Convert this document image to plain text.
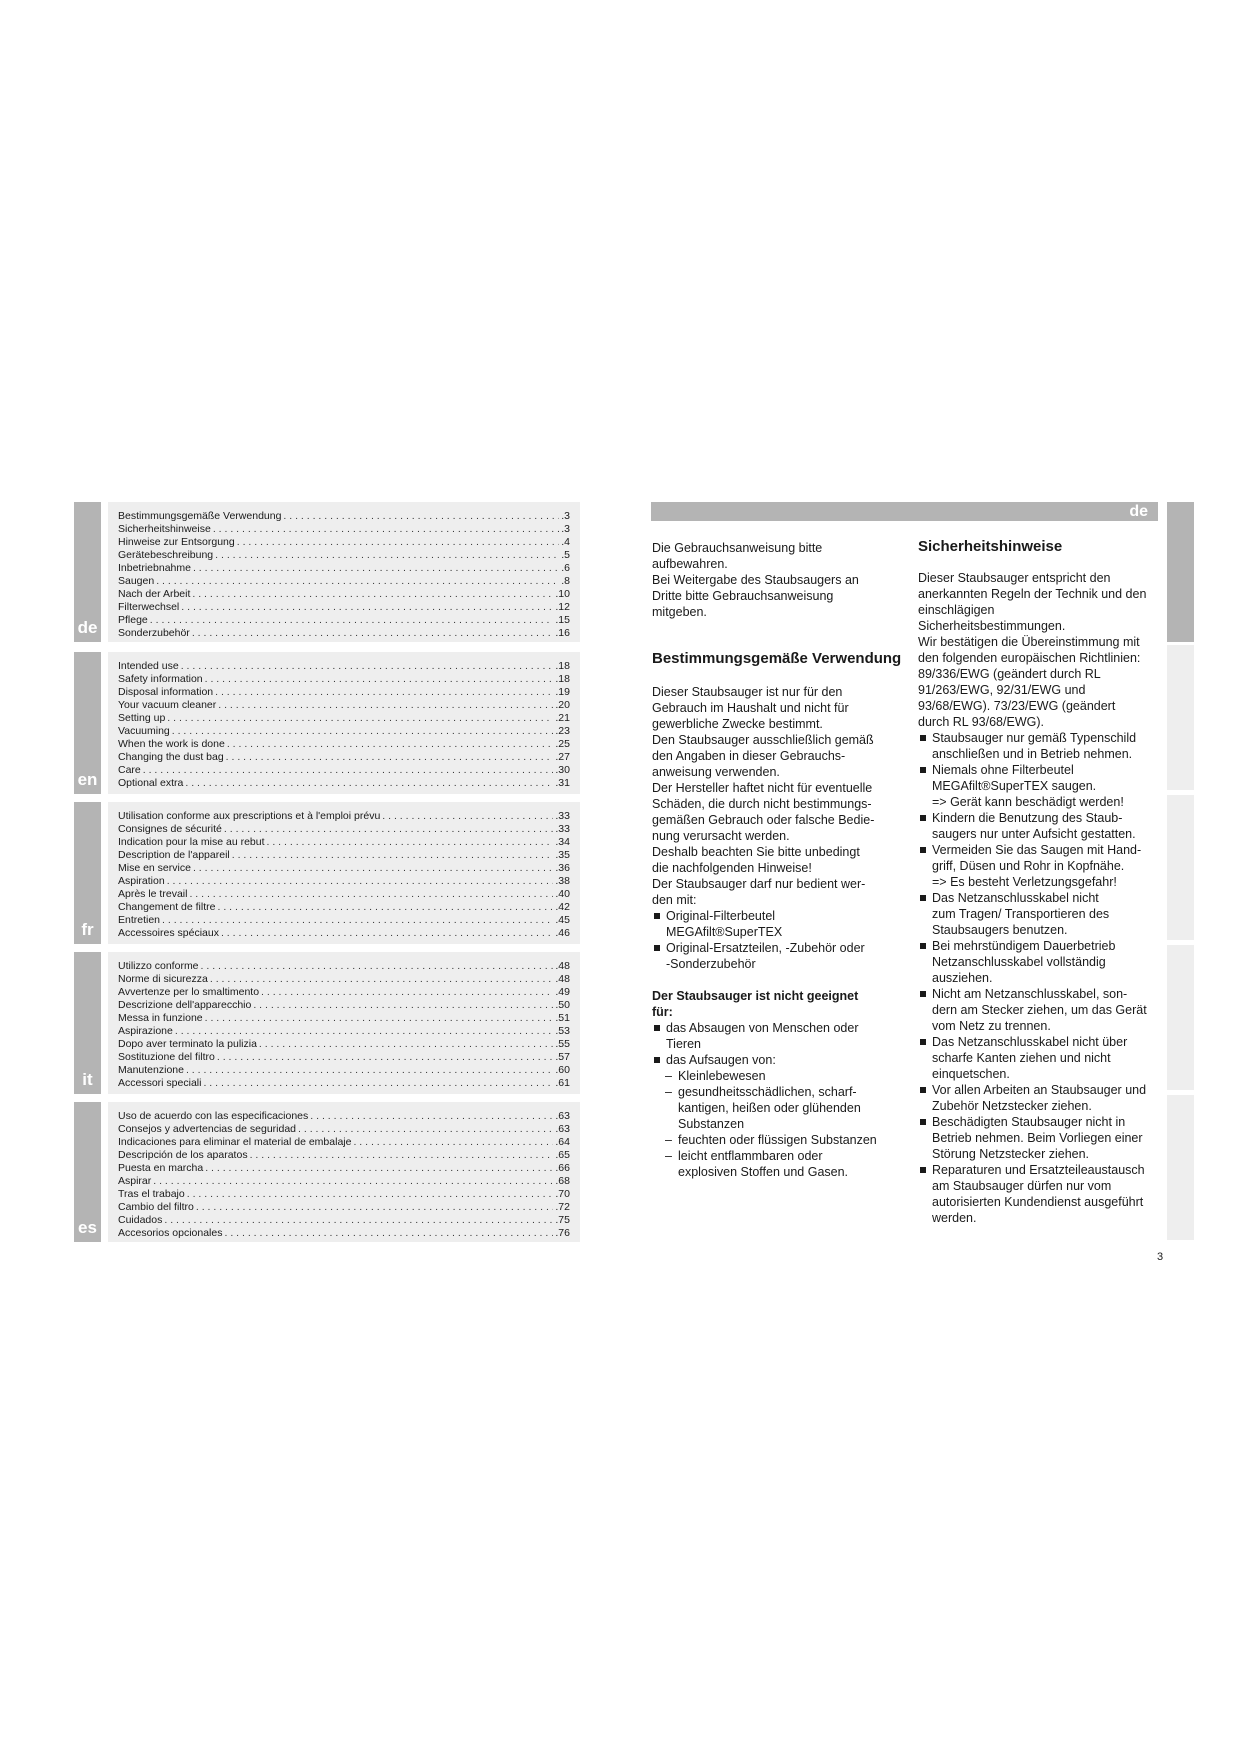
de
Bestimmungsgemäße Verwendung . . .	.3
Sicherheitshinweise . . .	.3
Hinweise zur Entsorgung . . .	.4
Gerätebeschreibung . . .	.5
Inbetriebnahme . . .	.6
Saugen . . .	.8
Nach der Arbeit . . .	.10
Filterwechsel . . .	.12
Pflege . . .	.15
Sonderzubehör . . .	.16
en
Intended use . . .	.18
Safety information . . .	.18
Disposal information . . .	.19
Your vacuum cleaner . . .	.20
Setting up . . .	.21
Vacuuming . . .	.23
When the work is done . . .	.25
Changing the dust bag . . .	.27
Care . . .	.30
Optional extra . . .	.31
fr
Utilisation conforme aux prescriptions et à l'emploi prévu . . .	.33
Consignes de sécurité . . .	.33
Indication pour la mise au rebut . . .	.34
Description de l'appareil . . .	.35
Mise en service . . .	.36
Aspiration . . .	.38
Après le trevail . . .	.40
Changement de filtre . . .	.42
Entretien . . .	.45
Accessoires spéciaux . . .	.46
it
Utilizzo conforme . . .	.48
Norme di sicurezza . . .	.48
Avvertenze per lo smaltimento . . .	.49
Descrizione dell'apparecchio . . .	.50
Messa in funzione . . .	.51
Aspirazione . . .	.53
Dopo aver terminato la pulizia . . .	.55
Sostituzione del filtro . . .	.57
Manutenzione . . .	.60
Accessori speciali . . .	.61
es
Uso de acuerdo con las especificaciones . . .	.63
Consejos y advertencias de seguridad . . .	.63
Indicaciones para eliminar el material de embalaje . . .	.64
Descripción de los aparatos . . .	.65
Puesta en marcha . . .	.66
Aspirar . . .	.68
Tras el trabajo . . .	.70
Cambio del filtro . . .	.72
Cuidados . . .	.75
Accesorios opcionales . . .	.76
de

Die Gebrauchsanweisung bitte

aufbewahren.

Bei Weitergabe des Staubsaugers an

Dritte bitte Gebrauchsanweisung

mitgeben.

Bestimmungsgemäße Verwendung

Dieser Staubsauger ist nur für den

Gebrauch im Haushalt und nicht für

gewerbliche Zwecke bestimmt.

Den Staubsauger ausschließlich gemäß

den Angaben in dieser Gebrauchs-

anweisung verwenden.

Der Hersteller haftet nicht für eventuelle

Schäden, die durch nicht bestimmungs-

gemäßen Gebrauch oder falsche Bedie-

nung verursacht werden.

Deshalb beachten Sie bitte unbedingt

die nachfolgenden Hinweise!

Der Staubsauger darf nur bedient wer-

den mit:

Original-Filterbeutel

MEGAfilt®SuperTEX

Original-Ersatzteilen, -Zubehör oder

-Sonderzubehör

Der Staubsauger ist nicht geeignet
für:

das Absaugen von Menschen oder

Tieren

das Aufsaugen von:

– Kleinlebewesen

– gesundheitsschädlichen, scharf-

kantigen, heißen oder glühenden

Substanzen

– feuchten oder flüssigen Substanzen

– leicht entflammbaren oder

explosiven Stoffen und Gasen.

Sicherheitshinweise

Dieser Staubsauger entspricht den

anerkannten Regeln der Technik und den

einschlägigen

Sicherheitsbestimmungen.

Wir bestätigen die Übereinstimmung mit

den folgenden europäischen Richtlinien:

89/336/EWG (geändert durch RL

91/263/EWG, 92/31/EWG und

93/68/EWG). 73/23/EWG (geändert

durch RL 93/68/EWG).

Staubsauger nur gemäß Typenschild

anschließen und in Betrieb nehmen.

Niemals ohne Filterbeutel

MEGAfilt®SuperTEX saugen.

=> Gerät kann beschädigt werden!

Kindern die Benutzung des Staub-

saugers nur unter Aufsicht gestatten.

Vermeiden Sie das Saugen mit Hand-

griff, Düsen und Rohr in Kopfnähe.

=> Es besteht Verletzungsgefahr!

Das Netzanschlusskabel nicht

zum Tragen/ Transportieren des

Staubsaugers benutzen.

Bei mehrstündigem Dauerbetrieb

Netzanschlusskabel vollständig

ausziehen.

Nicht am Netzanschlusskabel, son-

dern am Stecker ziehen, um das Gerät

vom Netz zu trennen.

Das Netzanschlusskabel nicht über

scharfe Kanten ziehen und nicht

einquetschen.

Vor allen Arbeiten an Staubsauger und

Zubehör Netzstecker ziehen.

Beschädigten Staubsauger nicht in

Betrieb nehmen. Beim Vorliegen einer

Störung Netzstecker ziehen.

Reparaturen und Ersatzteileaustausch

am Staubsauger dürfen nur vom

autorisierten Kundendienst ausgeführt

werden.

3
